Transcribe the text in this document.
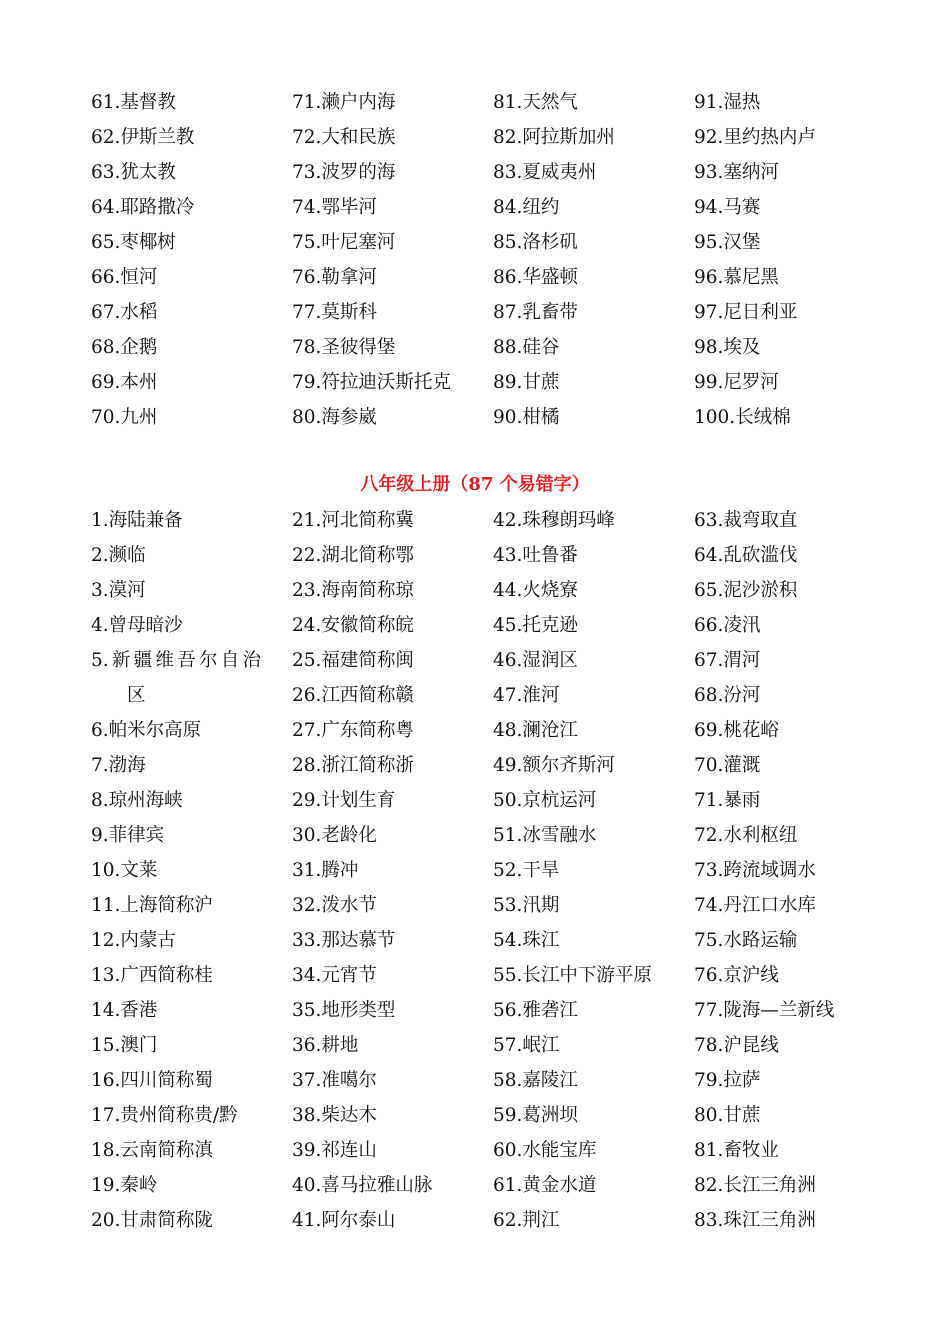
61.基督教
62.伊斯兰教
63.犹太教
64.耶路撒冷
65.枣椰树
66.恒河
67.水稻
68.企鹅
69.本州
70.九州
71.濑户内海
72.大和民族
73.波罗的海
74.鄂毕河
75.叶尼塞河
76.勒拿河
77.莫斯科
78.圣彼得堡
79.符拉迪沃斯托克
80.海参崴
81.天然气
82.阿拉斯加州
83.夏威夷州
84.纽约
85.洛杉矶
86.华盛顿
87.乳畜带
88.硅谷
89.甘蔗
90.柑橘
91.湿热
92.里约热内卢
93.塞纳河
94.马赛
95.汉堡
96.慕尼黑
97.尼日利亚
98.埃及
99.尼罗河
100.长绒棉
八年级上册（87 个易错字）
1.海陆兼备
2.濒临
3.漠河
4.曾母暗沙
5.新疆维吾尔自治
区
6.帕米尔高原
7.渤海
8.琼州海峡
9.菲律宾
10.文莱
11.上海简称沪
12.内蒙古
13.广西简称桂
14.香港
15.澳门
16.四川简称蜀
17.贵州简称贵/黔
18.云南简称滇
19.秦岭
20.甘肃简称陇
21.河北简称冀
22.湖北简称鄂
23.海南简称琼
24.安徽简称皖
25.福建简称闽
26.江西简称赣
27.广东简称粤
28.浙江简称浙
29.计划生育
30.老龄化
31.腾冲
32.泼水节
33.那达慕节
34.元宵节
35.地形类型
36.耕地
37.准噶尔
38.柴达木
39.祁连山
40.喜马拉雅山脉
41.阿尔泰山
42.珠穆朗玛峰
43.吐鲁番
44.火烧寮
45.托克逊
46.湿润区
47.淮河
48.澜沧江
49.额尔齐斯河
50.京杭运河
51.冰雪融水
52.干旱
53.汛期
54.珠江
55.长江中下游平原
56.雅砻江
57.岷江
58.嘉陵江
59.葛洲坝
60.水能宝库
61.黄金水道
62.荆江
63.裁弯取直
64.乱砍滥伐
65.泥沙淤积
66.凌汛
67.渭河
68.汾河
69.桃花峪
70.灌溉
71.暴雨
72.水利枢纽
73.跨流域调水
74.丹江口水库
75.水路运输
76.京沪线
77.陇海—兰新线
78.沪昆线
79.拉萨
80.甘蔗
81.畜牧业
82.长江三角洲
83.珠江三角洲
